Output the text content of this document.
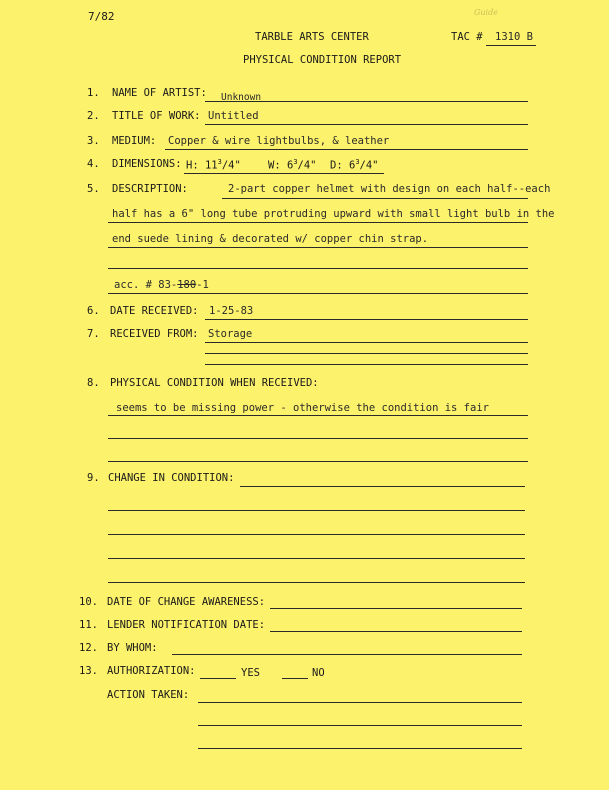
7/82	Guide
TARBLE ARTS CENTER	TAC # 1310 B
PHYSICAL CONDITION REPORT
1. NAME OF ARTIST: Unknown
2. TITLE OF WORK: Untitled
3. MEDIUM: Copper & wire lightbulbs, & leather
4. DIMENSIONS: H: $11^3/4$"	W: $6^3/4$" D: $6^3/4$"
5. DESCRIPTION:	2-part copper helmet with design on each half--each
half has a 6" long tube protruding upward with small light bulb in the
end suede lining & decorated w/ copper chin strap.
acc. # 83-180-1
6. DATE RECEIVED: 1-25-83
7. RECEIVED FROM: Storage
8. PHYSICAL CONDITION WHEN RECEIVED:
seems to be missing power - otherwise the condition is fair
9. CHANGE IN CONDITION:
10. DATE OF CHANGE AWARENESS:
11. LENDER NOTIFICATION DATE:
12. BY WHOM:
13. AUTHORIZATION:	YES	NO
ACTION TAKEN:
